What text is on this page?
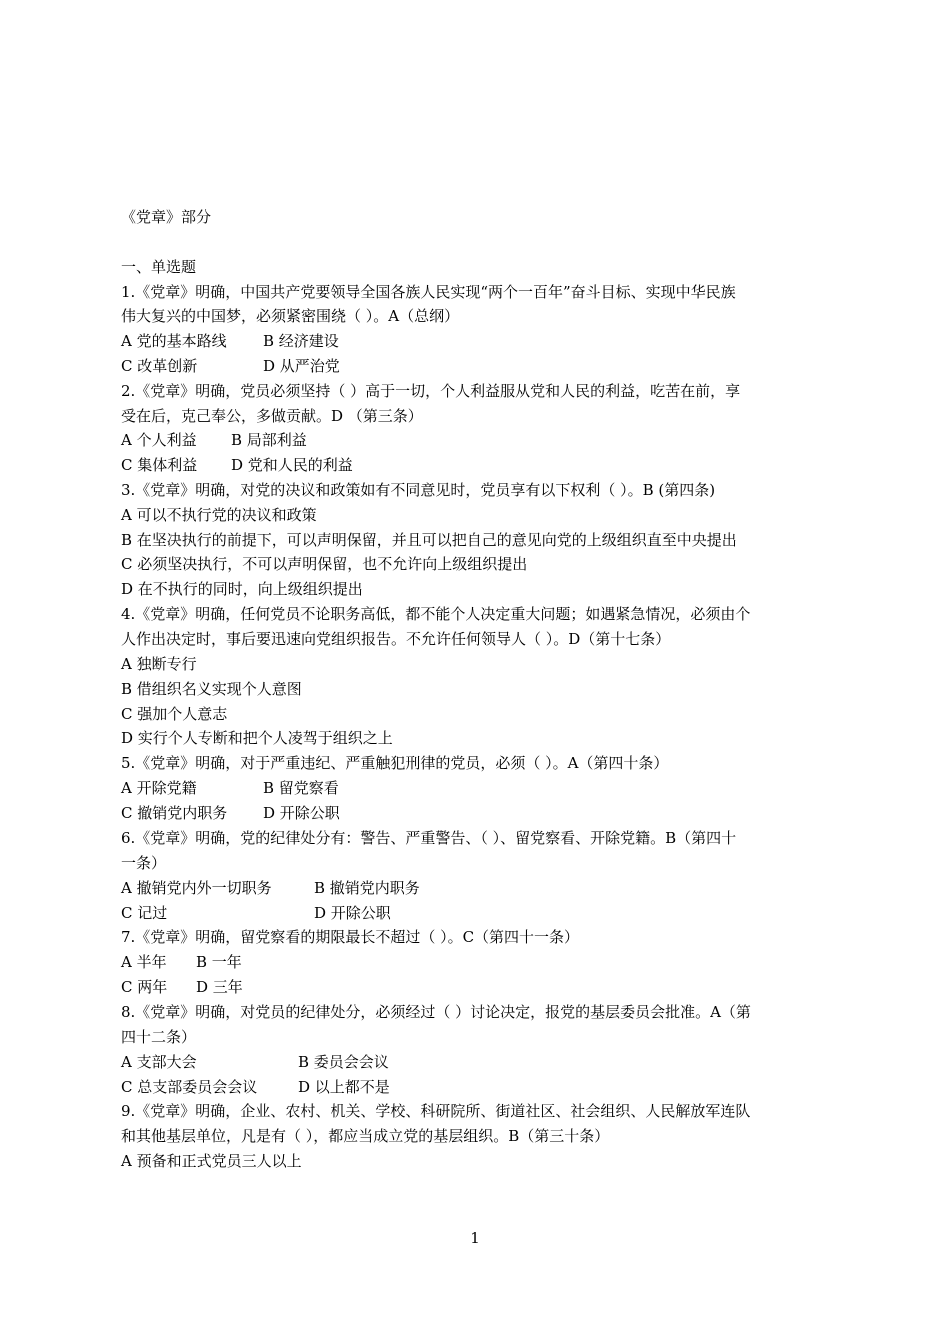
《党章》部分
一、单选题
1.《党章》明确，中国共产党要领导全国各族人民实现“两个一百年”奋斗目标、实现中华民族
伟大复兴的中国梦，必须紧密围绕（ ）。A（总纲）
A 党的基本路线 B 经济建设
C 改革创新	D 从严治党
2.《党章》明确，党员必须坚持（ ）高于一切，个人利益服从党和人民的利益，吃苦在前，享
受在后，克己奉公，多做贡献。D （第三条）
A 个人利益 B 局部利益
C 集体利益 D 党和人民的利益
3.《党章》明确，对党的决议和政策如有不同意见时，党员享有以下权利（ ）。B (第四条)
A 可以不执行党的决议和政策
B 在坚决执行的前提下，可以声明保留，并且可以把自己的意见向党的上级组织直至中央提出
C 必须坚决执行，不可以声明保留，也不允许向上级组织提出
D 在不执行的同时，向上级组织提出
4.《党章》明确，任何党员不论职务高低，都不能个人决定重大问题；如遇紧急情况，必须由个
人作出决定时，事后要迅速向党组织报告。不允许任何领导人（ ）。D（第十七条）
A 独断专行
B 借组织名义实现个人意图
C 强加个人意志
D 实行个人专断和把个人凌驾于组织之上
5.《党章》明确，对于严重违纪、严重触犯刑律的党员，必须（ ）。A（第四十条）
A 开除党籍	B 留党察看
C 撤销党内职务 D 开除公职
6.《党章》明确，党的纪律处分有：警告、严重警告、（ ）、留党察看、开除党籍。B（第四十
一条）
A 撤销党内外一切职务	B 撤销党内职务
C 记过	D 开除公职
7.《党章》明确，留党察看的期限最长不超过（ ）。C（第四十一条）
A 半年 B 一年
C 两年 D 三年
8.《党章》明确，对党员的纪律处分，必须经过（ ）讨论决定，报党的基层委员会批准。A（第
四十二条）
A 支部大会	B 委员会会议
C 总支部委员会会议	D 以上都不是
9.《党章》明确，企业、农村、机关、学校、科研院所、街道社区、社会组织、人民解放军连队
和其他基层单位，凡是有（ ），都应当成立党的基层组织。B（第三十条）
A 预备和正式党员三人以上
1
